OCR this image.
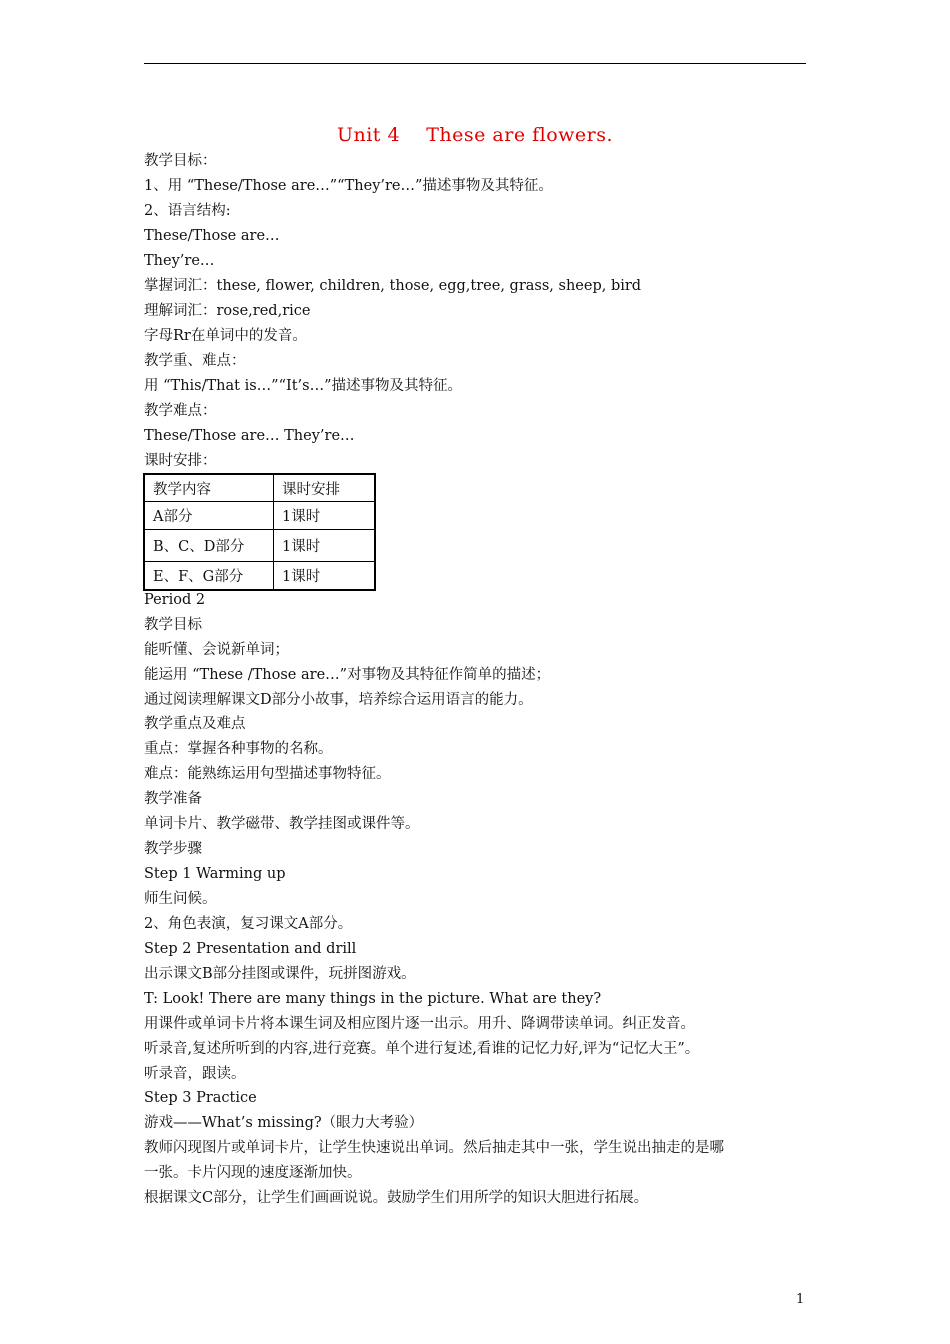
Unit 4    These are flowers.
教学目标：
1、用 “These/Those are…”“They’re…”描述事物及其特征。
2、语言结构:
These/Those are…
They’re…
掌握词汇：these, flower, children, those, egg,tree, grass, sheep, bird
理解词汇：rose,red,rice
字母Rr在单词中的发音。
教学重、难点：
用 “This/That is…”“It’s…”描述事物及其特征。
教学难点：
These/Those are… They’re…
课时安排：
教学内容	课时安排
A部分	1课时
B、C、D部分	1课时
E、F、G部分	1课时
Period 2
教学目标
能听懂、会说新单词；
能运用 “These /Those are…”对事物及其特征作简单的描述；
通过阅读理解课文D部分小故事，培养综合运用语言的能力。
教学重点及难点
重点：掌握各种事物的名称。
难点：能熟练运用句型描述事物特征。
教学准备
单词卡片、教学磁带、教学挂图或课件等。
教学步骤
Step 1 Warming up
师生问候。
2、角色表演，复习课文A部分。
Step 2 Presentation and drill
出示课文B部分挂图或课件，玩拼图游戏。
T: Look! There are many things in the picture. What are they?
用课件或单词卡片将本课生词及相应图片逐一出示。用升、降调带读单词。纠正发音。
听录音,复述所听到的内容,进行竞赛。单个进行复述,看谁的记忆力好,评为“记忆大王”。
听录音，跟读。
Step 3 Practice
游戏——What’s missing?（眼力大考验）
教师闪现图片或单词卡片，让学生快速说出单词。然后抽走其中一张，学生说出抽走的是哪
一张。卡片闪现的速度逐渐加快。
根据课文C部分，让学生们画画说说。鼓励学生们用所学的知识大胆进行拓展。
1
